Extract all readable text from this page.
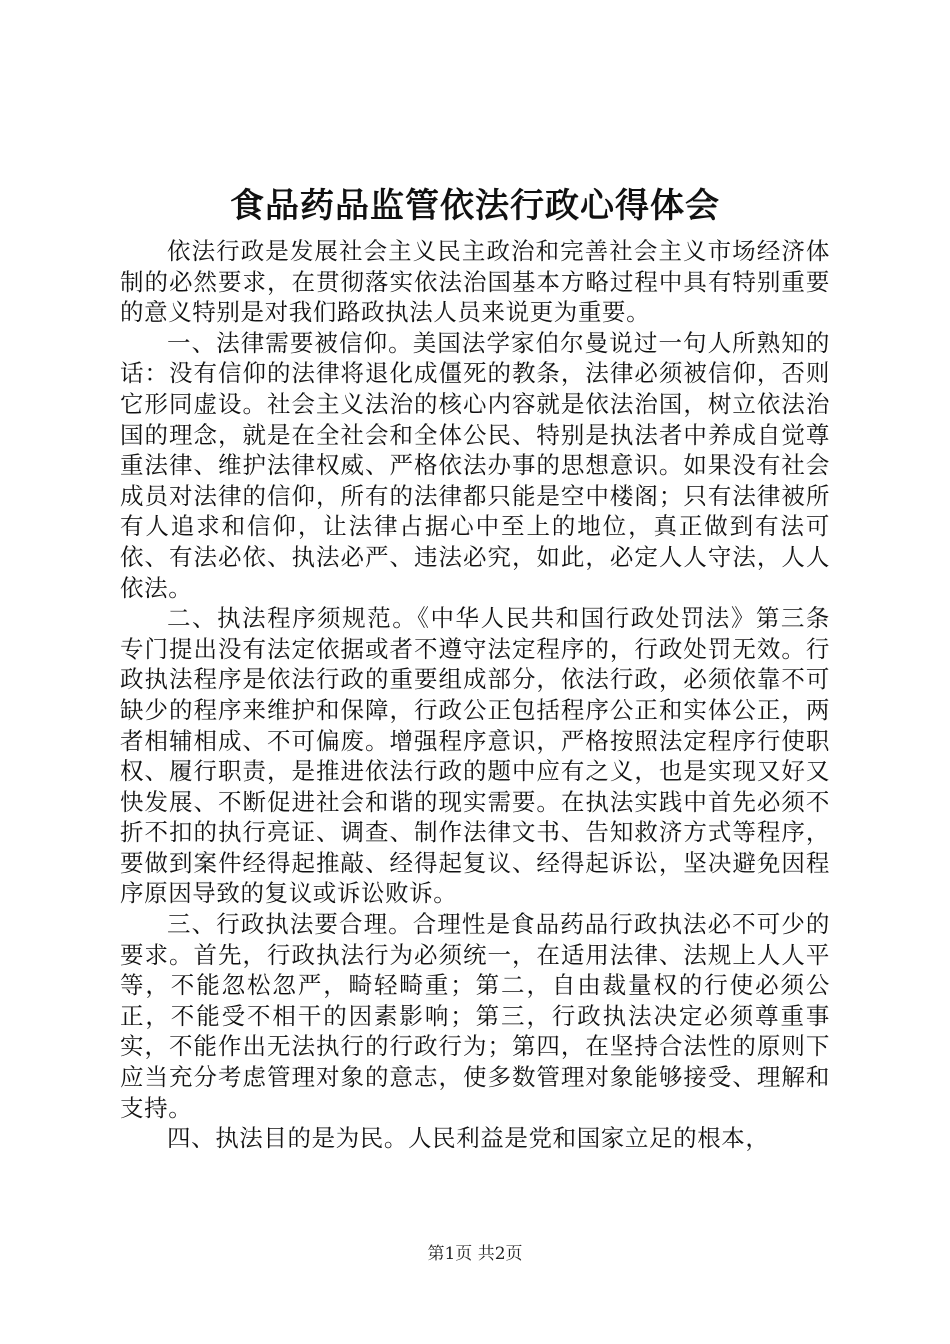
食品药品监管依法行政心得体会

依法行政是发展社会主义民主政治和完善社会主义市场经济体制的必然要求，在贯彻落实依法治国基本方略过程中具有特别重要的意义特别是对我们路政执法人员来说更为重要。

一、法律需要被信仰。美国法学家伯尔曼说过一句人所熟知的话：没有信仰的法律将退化成僵死的教条，法律必须被信仰，否则它形同虚设。社会主义法治的核心内容就是依法治国，树立依法治国的理念，就是在全社会和全体公民、特别是执法者中养成自觉尊重法律、维护法律权威、严格依法办事的思想意识。如果没有社会成员对法律的信仰，所有的法律都只能是空中楼阁；只有法律被所有人追求和信仰，让法律占据心中至上的地位，真正做到有法可依、有法必依、执法必严、违法必究，如此，必定人人守法，人人依法。

二、执法程序须规范。《中华人民共和国行政处罚法》第三条专门提出没有法定依据或者不遵守法定程序的，行政处罚无效。行政执法程序是依法行政的重要组成部分，依法行政，必须依靠不可缺少的程序来维护和保障，行政公正包括程序公正和实体公正，两者相辅相成、不可偏废。增强程序意识，严格按照法定程序行使职权、履行职责，是推进依法行政的题中应有之义，也是实现又好又快发展、不断促进社会和谐的现实需要。在执法实践中首先必须不折不扣的执行亮证、调查、制作法律文书、告知救济方式等程序，要做到案件经得起推敲、经得起复议、经得起诉讼，坚决避免因程序原因导致的复议或诉讼败诉。

三、行政执法要合理。合理性是食品药品行政执法必不可少的要求。首先，行政执法行为必须统一，在适用法律、法规上人人平等，不能忽松忽严，畸轻畸重；第二，自由裁量权的行使必须公正，不能受不相干的因素影响；第三，行政执法决定必须尊重事实，不能作出无法执行的行政行为；第四，在坚持合法性的原则下应当充分考虑管理对象的意志，使多数管理对象能够接受、理解和支持。

四、执法目的是为民。人民利益是党和国家立足的根本，

第1页 共2页
